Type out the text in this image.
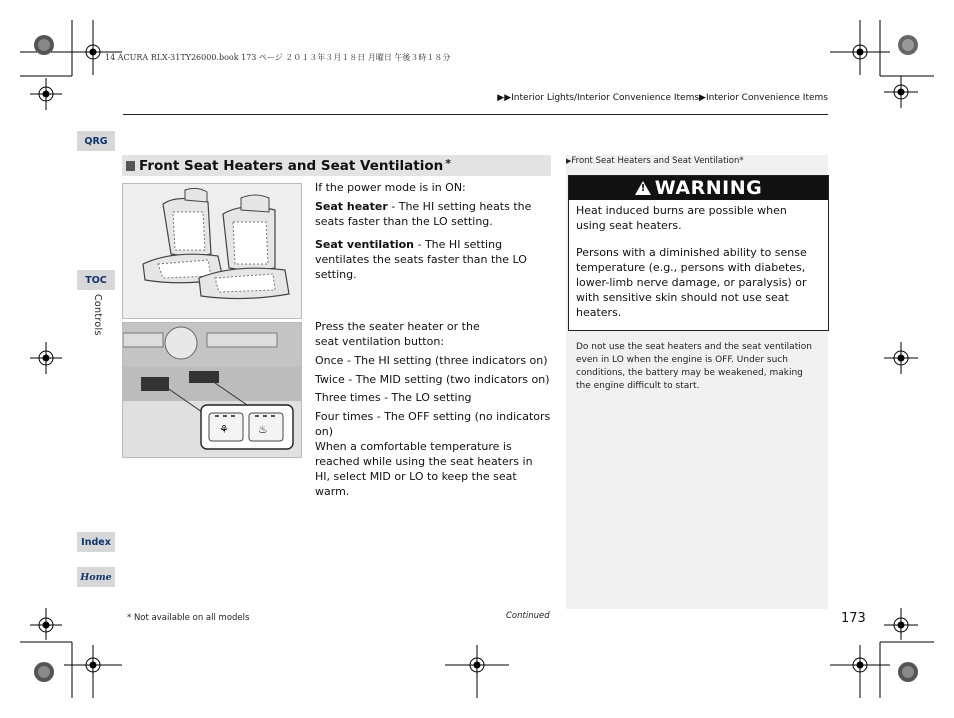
14 ACURA RLX-31TY26000.book 173 ページ ２０１３年３月１８日 月曜日 午後３時１８分
▶▶Interior Lights/Interior Convenience Items▶Interior Convenience Items
QRG
TOC
Controls
Index
Home
Front Seat Heaters and Seat Ventilation *
⚘	♨
If the power mode is in ON:
Seat heater - The HI setting heats the seats faster than the LO setting.
Seat ventilation - The HI setting ventilates the seats faster than the LO setting.
Press the seater heater or the seat ventilation button:
Once - The HI setting (three indicators on)
Twice - The MID setting (two indicators on)
Three times - The LO setting
Four times - The OFF setting (no indicators on)
When a comfortable temperature is reached while using the seat heaters in HI, select MID or LO to keep the seat warm.
▶Front Seat Heaters and Seat Ventilation*
! WARNING
Heat induced burns are possible when using seat heaters.
Persons with a diminished ability to sense temperature (e.g., persons with diabetes, lower-limb nerve damage, or paralysis) or with sensitive skin should not use seat heaters.
Do not use the seat heaters and the seat ventilation even in LO when the engine is OFF. Under such conditions, the battery may be weakened, making the engine difficult to start.
* Not available on all models	Continued	173
